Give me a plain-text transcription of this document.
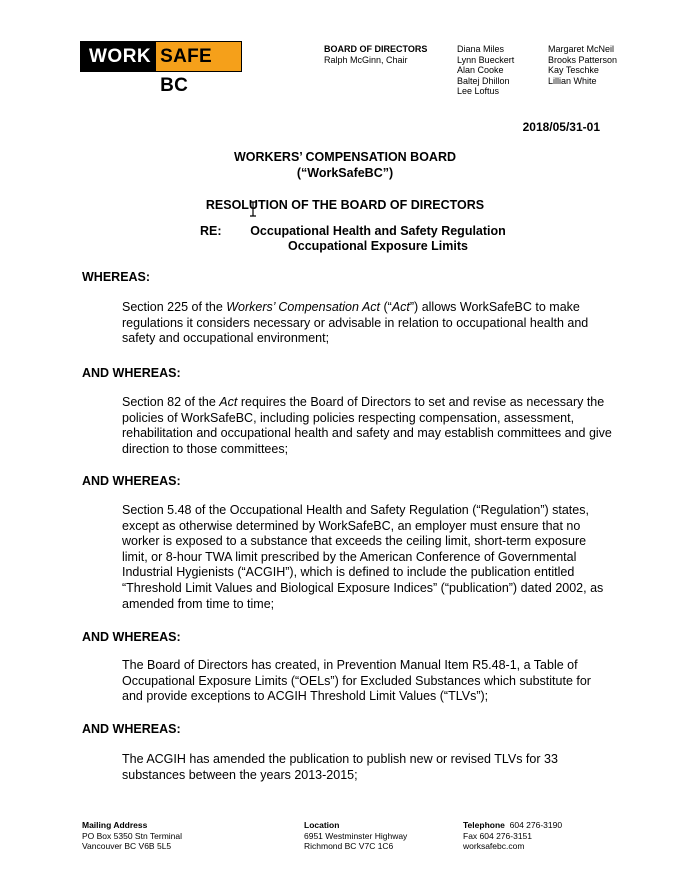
WORK SAFE BC
BOARD OF DIRECTORS
Ralph McGinn, Chair
Diana Miles
Lynn Bueckert
Alan Cooke
Baltej Dhillon
Lee Loftus
Margaret McNeil
Brooks Patterson
Kay Teschke
Lillian White
2018/05/31-01
WORKERS’ COMPENSATION BOARD
(“WorkSafeBC”)
RESOLUTION OF THE BOARD OF DIRECTORS
RE:	Occupational Health and Safety Regulation
Occupational Exposure Limits
WHEREAS:
Section 225 of the Workers’ Compensation Act (“Act”) allows WorkSafeBC to make regulations it considers necessary or advisable in relation to occupational health and safety and occupational environment;
AND WHEREAS:
Section 82 of the Act requires the Board of Directors to set and revise as necessary the policies of WorkSafeBC, including policies respecting compensation, assessment, rehabilitation and occupational health and safety and may establish committees and give direction to those committees;
AND WHEREAS:
Section 5.48 of the Occupational Health and Safety Regulation (“Regulation”) states, except as otherwise determined by WorkSafeBC, an employer must ensure that no worker is exposed to a substance that exceeds the ceiling limit, short-term exposure limit, or 8-hour TWA limit prescribed by the American Conference of Governmental Industrial Hygienists (“ACGIH”), which is defined to include the publication entitled “Threshold Limit Values and Biological Exposure Indices” (“publication”) dated 2002, as amended from time to time;
AND WHEREAS:
The Board of Directors has created, in Prevention Manual Item R5.48-1, a Table of Occupational Exposure Limits (“OELs”) for Excluded Substances which substitute for and provide exceptions to ACGIH Threshold Limit Values (“TLVs”);
AND WHEREAS:
The ACGIH has amended the publication to publish new or revised TLVs for 33 substances between the years 2013-2015;
Mailing Address
PO Box 5350 Stn Terminal
Vancouver BC V6B 5L5
Location
6951 Westminster Highway
Richmond BC V7C 1C6
Telephone 604 276-3190
Fax 604 276-3151
worksafebc.com
